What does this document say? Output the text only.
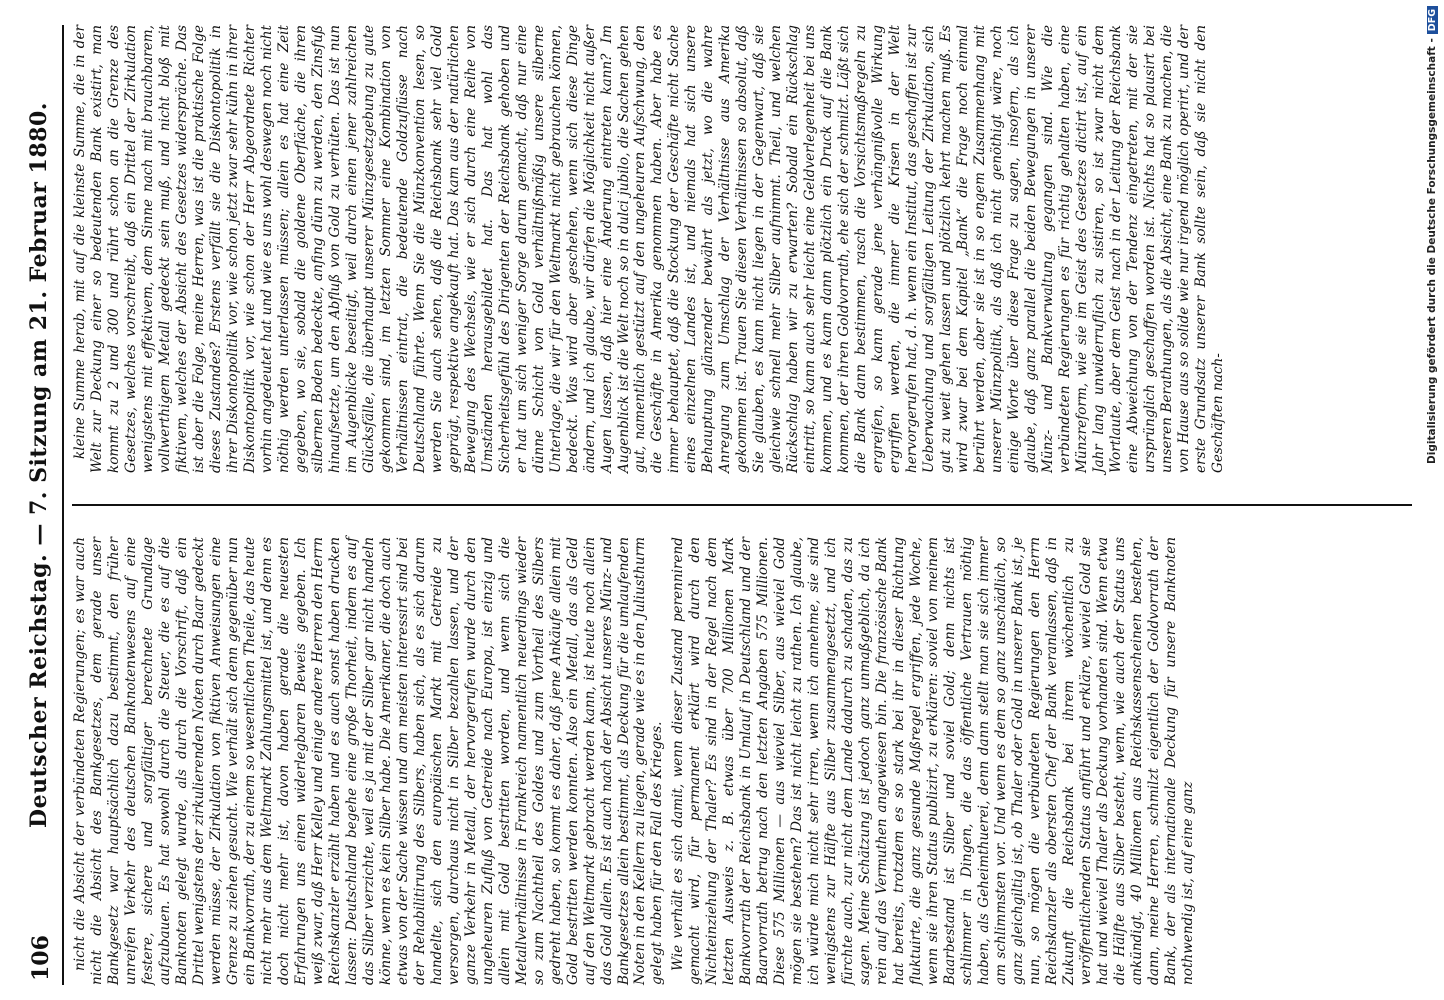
106
Deutscher Reichstag. — 7. Sitzung am 21. Februar 1880. nicht die Absicht der verbündeten Regierungen; es war auch nicht die Absicht des Bankgesetzes, dem gerade unser Bankgesetz war hauptsächlich dazu bestimmt, den früher unreifen Verkehr des deutschen Banknotenwesens auf eine festere, sichere und sorgfältiger berechnete Grundlage aufzubauen. Es hat sowohl durch die Steuer, die es auf die Banknoten gelegt wurde, als durch die Vorschrift, daß ein Drittel wenigstens der zirkulierenden Noten durch Baar gedeckt werden müsse, der Zirkulation von fiktiven Anweisungen eine Grenze zu ziehen gesucht. Wie verhält sich denn gegenüber nun ein Bankvorrath, der zu einem so wesentlichen Theile, das heute nicht mehr aus dem Weltmarkt Zahlungsmittel ist, und denn es doch nicht mehr ist, davon haben gerade die neuesten Erfahrungen uns einen widerlegbaren Beweis gegeben. Ich weiß zwar, daß Herr Kelley und einige andere Herren den Herrn Reichskanzler erzählt haben und es auch sonst haben drucken lassen: Deutschland begehe eine große Thorheit, indem es auf das Silber verzichte, weil es ja mit der Silber gar nicht handeln könne, wenn es kein Silber habe. Die Amerikaner, die doch auch etwas von der Sache wissen und am meisten interessirt sind bei der Rehabilitirung des Silbers, haben sich, als es sich darum handelte, sich den europäischen Markt mit Getreide zu versorgen, durchaus nicht in Silber bezahlen lassen, und der ganze Verkehr in Metall, der hervorgerufen wurde durch den ungeheuren Zufluß von Getreide nach Europa, ist einzig und allein mit Gold bestritten worden, und wenn sich die Metallverhältnisse in Frankreich namentlich neuerdings wieder so zum Nachtheil des Goldes und zum Vortheil des Silbers gedreht haben, so kommt es daher, daß jene Ankäufe allein mit Gold bestritten werden konnten. Also ein Metall, das als Geld auf den Weltmarkt gebracht werden kann, ist heute noch allein das Gold allein. Es ist auch nach der Absicht unseres Münz- und Bankgesetzes allein bestimmt, als Deckung für die umlaufenden Noten in den Kellern zu liegen, gerade wie es in den Juliusthurm gelegt haben für den Fall des Krieges. Wie verhält es sich damit, wenn dieser Zustand perennirend gemacht wird, für permanent erklärt wird durch den Nichteinziehung der Thaler? Es sind in der Regel nach dem letzten Ausweis z. B. etwas über 700 Millionen Mark Bankvorrath der Reichsbank in Umlauf in Deutschland und der Baarvorrath betrug nach den letzten Angaben 575 Millionen. Diese 575 Millionen — aus wieviel Silber, aus wieviel Gold mögen sie bestehen? Das ist nicht leicht zu rathen. Ich glaube, ich würde mich nicht sehr irren, wenn ich annehme, sie sind wenigstens zur Hälfte aus Silber zusammengesetzt, und ich fürchte auch, zur nicht dem Lande dadurch zu schaden, das zu sagen. Meine Schätzung ist jedoch ganz unmaßgeblich, da ich rein auf das Vermuthen angewiesen bin. Die französische Bank hat bereits, trotzdem es so stark bei ihr in dieser Richtung fluktuirte, die ganz gesunde Maßregel ergriffen, jede Woche, wenn sie ihren Status publizirt, zu erklären: soviel von meinem Baarbestand ist Silber und soviel Gold; denn nichts ist schlimmer in Dingen, die das öffentliche Vertrauen nöthig haben, als Geheimthuerei, denn dann stellt man sie sich immer am schlimmsten vor. Und wenn es dem so ganz unschädlich, so ganz gleichgiltig ist, ob Thaler oder Gold in unserer Bank ist, je nun, so mögen die verbündeten Regierungen den Herrn Reichskanzler als obersten Chef der Bank veranlassen, daß in Zukunft die Reichsbank bei ihrem wöchentlich zu veröffentlichenden Status anführt und erkläre, wieviel Gold sie hat und wieviel Thaler als Deckung vorhanden sind. Wenn etwa die Hälfte aus Silber besteht, wenn, wie auch der Status uns ankündigt, 40 Millionen aus Reichskassenscheinen bestehen, dann, meine Herren, schmilzt eigentlich der Goldvorrath der Bank, der als internationale Deckung für unsere Banknoten nothwendig ist, auf eine ganz

kleine Summe herab, mit auf die kleinste Summe, die in der Welt zur Deckung einer so bedeutenden Bank existirt, man kommt zu 2 und 300 und rührt schon an die Grenze des Gesetzes, welches vorschreibt, daß ein Drittel der Zirkulation wenigstens mit effektivem, dem Sinne nach mit brauchbarem, vollwerthigem Metall gedeckt sein muß, und nicht bloß mit fiktivem, welches der Absicht des Gesetzes widerspräche. Das ist aber die Folge, meine Herren, was ist die praktische Folge dieses Zustandes? Erstens verfällt sie die Diskontopolitik in ihrer Diskontopolitik vor, wie schon jetzt zwar sehr kühn in ihrer Diskontopolitik vor, wie schon der Herr Abgeordnete Richter vorhin angedeutet hat und wie es uns wohl deswegen noch nicht nöthig werden unterlassen müssen; allein es hat eine Zeit gegeben, wo sie, sobald die goldene Oberfläche, die ihren silbernen Boden bedeckte, anfing dünn zu werden, den Zinsfuß hinaufsetzte, um den Abfluß von Gold zu verhüten. Das ist nun im Augenblicke beseitigt, weil durch einen jener zahlreichen Glücksfälle, die überhaupt unserer Münzgesetzgebung zu gute gekommen sind, im letzten Sommer eine Kombination von Verhältnissen eintrat, die bedeutende Goldzuflüsse nach Deutschland führte. Wenn Sie die Münzkonvention lesen, so werden Sie auch sehen, daß die Reichsbank sehr viel Gold geprägt, respektive angekauft hat. Das kam aus der natürlichen Bewegung des Wechsels, wie er sich durch eine Reihe von Umständen herausgebildet hat. Das hat wohl das Sicherheitsgefühl des Dirigenten der Reichsbank gehoben und er hat um sich weniger Sorge darum gemacht, daß nur eine dünne Schicht von Gold verhältnißmäßig unsere silberne Unterlage, die wir für den Weltmarkt nicht gebrauchen können, bedeckt. Was wird aber geschehen, wenn sich diese Dinge ändern, und ich glaube, wir dürfen die Möglichkeit nicht außer Augen lassen, daß hier eine Änderung eintreten kann? Im Augenblick ist die Welt noch so in dulci jubilo, die Sachen gehen gut, namentlich gestützt auf den ungeheuren Aufschwung, den die Geschäfte in Amerika genommen haben. Aber habe es immer behauptet, daß die Stockung der Geschäfte nicht Sache eines einzelnen Landes ist, und niemals hat sich unsere Behauptung glänzender bewährt als jetzt, wo die wahre Anregung zum Umschlag der Verhältnisse aus Amerika gekommen ist. Trauen Sie diesen Verhältnissen so absolut, daß Sie glauben, es kann nicht liegen in der Gegenwart, daß sie gleichwie schnell mehr Silber aufnimmt. Theil, und welchen Rückschlag haben wir zu erwarten? Sobald ein Rückschlag eintritt, so kann auch sehr leicht eine Geldverlegenheit bei uns kommen, und es kann dann plötzlich ein Druck auf die Bank kommen, der ihren Goldvorrath, ehe sich der schmilzt. Läßt sich die Bank dann bestimmen, rasch die Vorsichtsmaßregeln zu ergreifen, so kann gerade jene verhängnißvolle Wirkung ergriffen werden, die immer die Krisen in der Welt hervorgerufen hat, d. h. wenn ein Institut, das geschaffen ist zur Ueberwachung und sorgfältigen Leitung der Zirkulation, sich gut zu weit gehen lassen und plötzlich kehrt machen muß. Es wird zwar bei dem Kapitel „Bank“ die Frage noch einmal berührt werden, aber sie ist in so engem Zusammenhang mit unserer Münzpolitik, als daß ich nicht genöthigt wäre, noch einige Worte über diese Frage zu sagen, insofern, als ich glaube, daß ganz parallel die beiden Bewegungen in unserer Münz- und Bankverwaltung gegangen sind. Wie die verbündeten Regierungen es für richtig gehalten haben, eine Münzreform, wie sie im Geist des Gesetzes dictirt ist, auf ein Jahr lang unwiderruflich zu sistiren, so ist zwar nicht dem Wortlaute, aber dem Geist nach in der Leitung der Reichsbank eine Abweichung von der Tendenz eingetreten, mit der sie ursprünglich geschaffen worden ist. Nichts hat so plausirt bei unseren Berathungen, als die Absicht, eine Bank zu machen, die von Hause aus so solide wie nur irgend möglich operirt, und der erste Grundsatz unserer Bank sollte sein, daß sie nicht den Geschäften nach-	Digitalisierung gefördert durch die Deutsche Forschungsgemeinschaft -DFG
